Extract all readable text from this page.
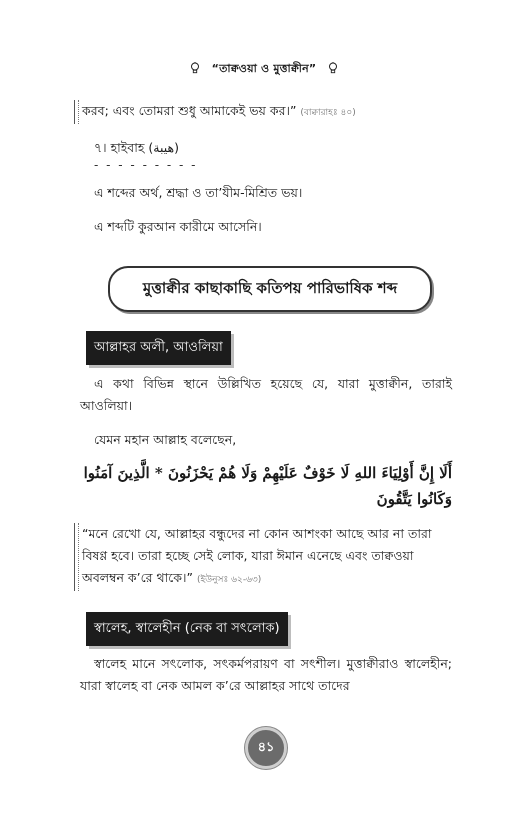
“তাক্বওয়া ও মুত্তাক্বীন”
করব; এবং তোমরা শুধু আমাকেই ভয় কর।” (বাক্বারাহঃ ৪০)
৭। হাইবাহ (هيبة)
- - - - - - - - -
এ শব্দের অর্থ, শ্রদ্ধা ও তা’যীম-মিশ্রিত ভয়।
এ শব্দটি কুরআন কারীমে আসেনি।
মুত্তাক্বীর কাছাকাছি কতিপয় পারিভাষিক শব্দ
আল্লাহর অলী, আওলিয়া
এ কথা বিভিন্ন স্থানে উল্লিখিত হয়েছে যে, যারা মুত্তাক্বীন, তারাই আওলিয়া।
যেমন মহান আল্লাহ বলেছেন,
أَلَا إِنَّ أَوْلِيَاءَ اللهِ لَا خَوْفٌ عَلَيْهِمْ وَلَا هُمْ يَحْزَنُونَ * الَّذِينَ آمَنُوا
وَكَانُوا يَتَّقُونَ
“মনে রেখো যে, আল্লাহর বন্ধুদের না কোন আশংকা আছে আর না তারা
বিষণ্ণ হবে। তারা হচ্ছে সেই লোক, যারা ঈমান এনেছে এবং তাক্বওয়া
অবলম্বন ক’রে থাকে।” (ইউনুসঃ ৬২-৬৩)
স্বালেহ, স্বালেহীন (নেক বা সৎলোক)
স্বালেহ মানে সৎলোক, সৎকর্মপরায়ণ বা সৎশীল। মুত্তাক্বীরাও স্বালেহীন; যারা স্বালেহ বা নেক আমল ক’রে আল্লাহর সাথে তাদের
৪১
